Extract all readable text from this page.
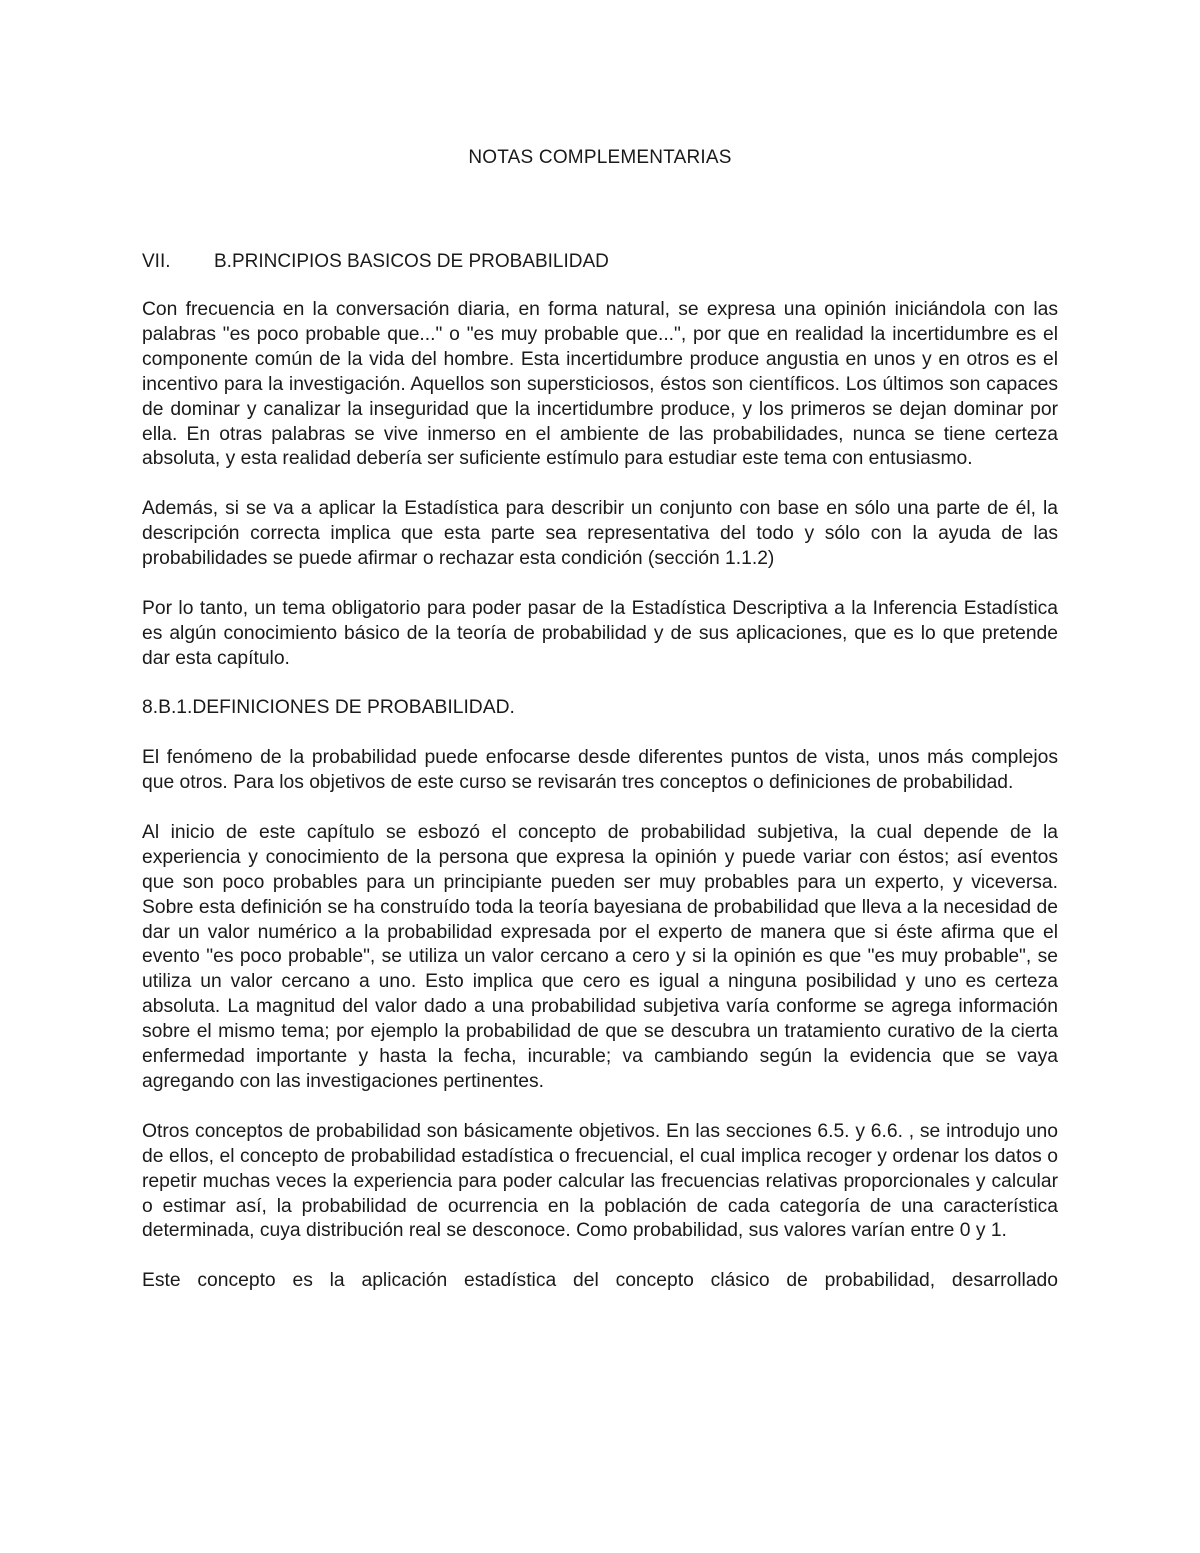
NOTAS COMPLEMENTARIAS
VII. B.PRINCIPIOS BASICOS DE PROBABILIDAD

Con frecuencia en la conversación diaria, en forma natural, se expresa una opinión iniciándola con las palabras "es poco probable que..." o "es muy probable que...", por que en realidad la incertidumbre es el componente común de la vida del hombre. Esta incertidumbre produce angustia en unos y en otros es el incentivo para la investigación. Aquellos son supersticiosos, éstos son científicos. Los últimos son capaces de dominar y canalizar la inseguridad que la incertidumbre produce, y los primeros se dejan dominar por ella. En otras palabras se vive inmerso en el ambiente de las probabilidades, nunca se tiene certeza absoluta, y esta realidad debería ser suficiente estímulo para estudiar este tema con entusiasmo.

Además, si se va a aplicar la Estadística para describir un conjunto con base en sólo una parte de él, la descripción correcta implica que esta parte sea representativa del todo y sólo con la ayuda de las probabilidades se puede afirmar o rechazar esta condición (sección 1.1.2)

Por lo tanto, un tema obligatorio para poder pasar de la Estadística Descriptiva a la Inferencia Estadística es algún conocimiento básico de la teoría de probabilidad y de sus aplicaciones, que es lo que pretende dar esta capítulo.

8.B.1.DEFINICIONES DE PROBABILIDAD.

El fenómeno de la probabilidad puede enfocarse desde diferentes puntos de vista, unos más complejos que otros. Para los objetivos de este curso se revisarán tres conceptos o definiciones de probabilidad.

Al inicio de este capítulo se esbozó el concepto de probabilidad subjetiva, la cual depende de la experiencia y conocimiento de la persona que expresa la opinión y puede variar con éstos; así eventos que son poco probables para un principiante pueden ser muy probables para un experto, y viceversa. Sobre esta definición se ha construído toda la teoría bayesiana de probabilidad que lleva a la necesidad de dar un valor numérico a la probabilidad expresada por el experto de manera que si éste afirma que el evento "es poco probable", se utiliza un valor cercano a cero y si la opinión es que "es muy probable", se utiliza un valor cercano a uno. Esto implica que cero es igual a ninguna posibilidad y uno es certeza absoluta. La magnitud del valor dado a una probabilidad subjetiva varía conforme se agrega información sobre el mismo tema; por ejemplo la probabilidad de que se descubra un tratamiento curativo de la cierta enfermedad importante y hasta la fecha, incurable; va cambiando según la evidencia que se vaya agregando con las investigaciones pertinentes.

Otros conceptos de probabilidad son básicamente objetivos. En las secciones 6.5. y 6.6. , se introdujo uno de ellos, el concepto de probabilidad estadística o frecuencial, el cual implica recoger y ordenar los datos o repetir muchas veces la experiencia para poder calcular las frecuencias relativas proporcionales y calcular o estimar así, la probabilidad de ocurrencia en la población de cada categoría de una característica determinada, cuya distribución real se desconoce. Como probabilidad, sus valores varían entre 0 y 1.

Este concepto es la aplicación estadística del concepto clásico de probabilidad, desarrollado
